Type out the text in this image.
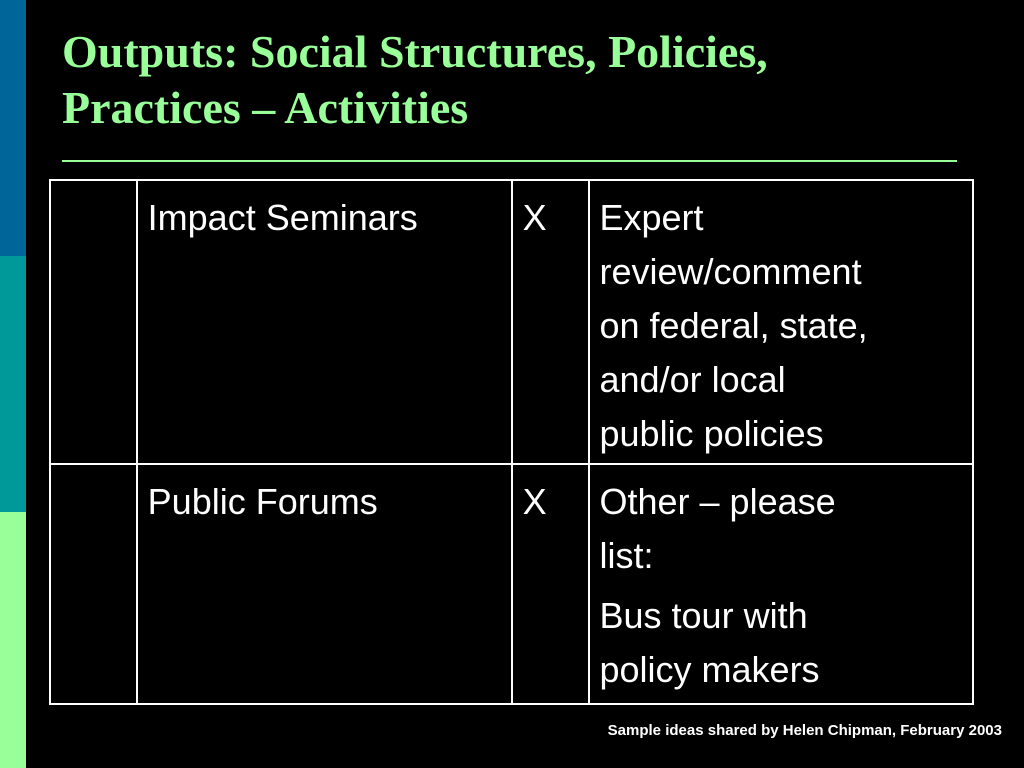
Outputs: Social Structures, Policies,
Practices – Activities
	Impact Seminars	X	Expert
review/comment
on federal, state,
and/or local
public policies

	Public Forums	X	Other – please
list:
Bus tour with
policy makers
Sample ideas shared by Helen Chipman, February 2003
